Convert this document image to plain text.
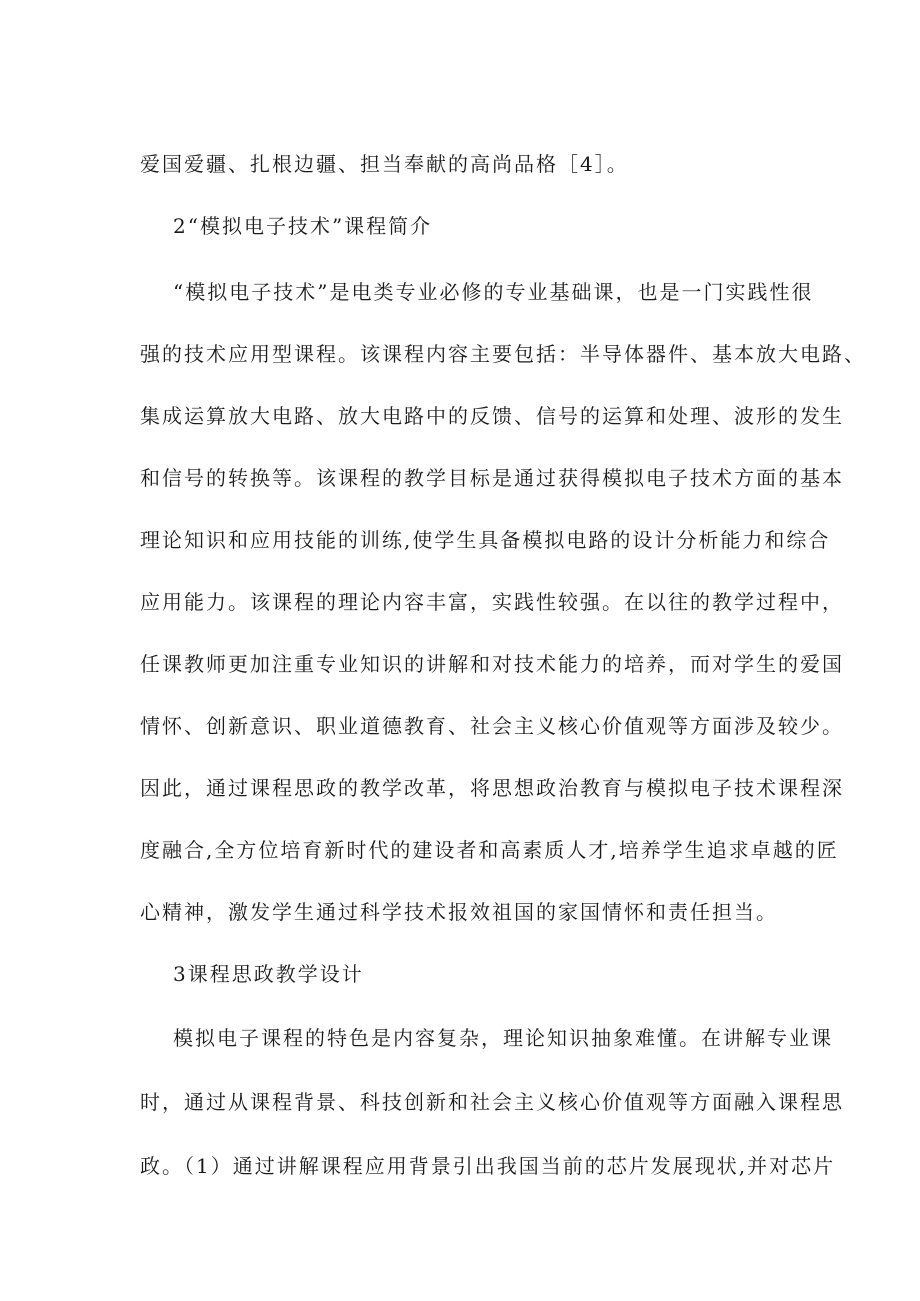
爱国爱疆、扎根边疆、担当奉献的高尚品格［4］。
2“模拟电子技术”课程简介
“模拟电子技术”是电类专业必修的专业基础课，也是一门实践性很
强的技术应用型课程。该课程内容主要包括：半导体器件、基本放大电路、
集成运算放大电路、放大电路中的反馈、信号的运算和处理、波形的发生
和信号的转换等。该课程的教学目标是通过获得模拟电子技术方面的基本
理论知识和应用技能的训练,使学生具备模拟电路的设计分析能力和综合
应用能力。该课程的理论内容丰富，实践性较强。在以往的教学过程中，
任课教师更加注重专业知识的讲解和对技术能力的培养，而对学生的爱国
情怀、创新意识、职业道德教育、社会主义核心价值观等方面涉及较少。
因此，通过课程思政的教学改革，将思想政治教育与模拟电子技术课程深
度融合,全方位培育新时代的建设者和高素质人才,培养学生追求卓越的匠
心精神，激发学生通过科学技术报效祖国的家国情怀和责任担当。
3课程思政教学设计
模拟电子课程的特色是内容复杂，理论知识抽象难懂。在讲解专业课
时，通过从课程背景、科技创新和社会主义核心价值观等方面融入课程思
政。（1）通过讲解课程应用背景引出我国当前的芯片发展现状,并对芯片
